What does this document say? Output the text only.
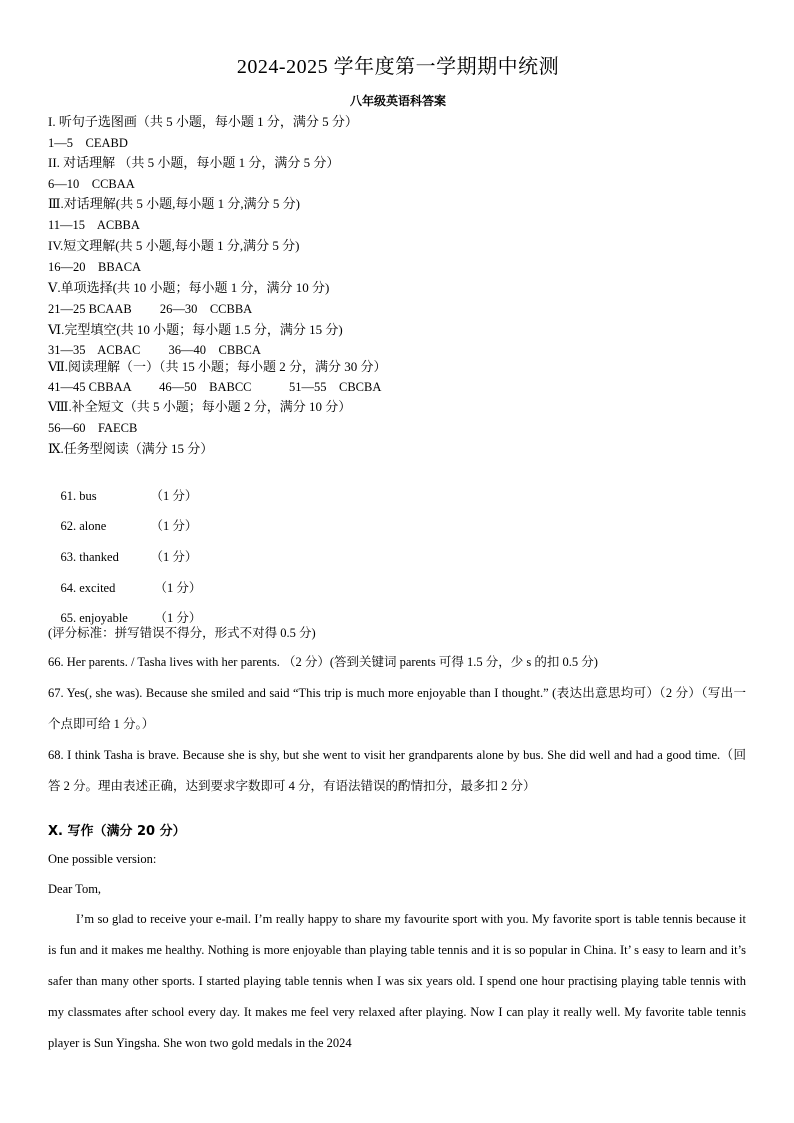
2024-2025 学年度第一学期期中统测
八年级英语科答案
I. 听句子选图画（共 5 小题，每小题 1 分，满分 5 分）
1—5    CEABD
II. 对话理解 （共 5 小题，每小题 1 分，满分 5 分）
6—10    CCBAA
Ⅲ.对话理解(共 5 小题,每小题 1 分,满分 5 分)
11—15    ACBBA
IV.短文理解(共 5 小题,每小题 1 分,满分 5 分)
16—20    BBACA
Ⅴ.单项选择(共 10 小题；每小题 1 分，满分 10 分)
21—25 BCAAB         26—30    CCBBA
Ⅵ.完型填空(共 10 小题；每小题 1.5 分，满分 15 分)
31—35    ACBAC         36—40    CBBCA
Ⅶ.阅读理解（一）（共 15 小题；每小题 2 分，满分 30 分）
41—45 CBBAA         46—50    BABCC            51—55    CBCBA
Ⅷ.补全短文（共 5 小题；每小题 2 分，满分 10 分）
56—60    FAECB
Ⅸ.任务型阅读（满分 15 分）

61. bus	（1 分）

62. alone	（1 分）

63. thanked	（1 分）

64. excited	（1 分）

65. enjoyable （1 分）

(评分标准：拼写错误不得分，形式不对得 0.5 分)
66. Her parents. / Tasha lives with her parents. （2 分）(答到关键词 parents 可得 1.5 分，少 s 的扣 0.5 分)
67. Yes(, she was). Because she smiled and said “This trip is much more enjoyable than I thought.” (表达出意思均可）（2 分）（写出一个点即可给 1 分。）
68. I think Tasha is brave. Because she is shy, but she went to visit her grandparents alone by bus. She did well and had a good time.（回答 2 分。理由表述正确，达到要求字数即可 4 分，有语法错误的酌情扣分，最多扣 2 分）
Ⅹ. 写作（满分 20 分）
One possible version:
Dear Tom,
I’m so glad to receive your e-mail. I’m really happy to share my favourite sport with you. My favorite sport is table tennis because it is fun and it makes me healthy. Nothing is more enjoyable than playing table tennis and it is so popular in China. It’ s easy to learn and it’s safer than many other sports. I started playing table tennis when I was six years old. I spend one hour practising playing table tennis with my classmates after school every day. It makes me feel very relaxed after playing. Now I can play it really well. My favorite table tennis player is Sun Yingsha. She won two gold medals in the 2024
